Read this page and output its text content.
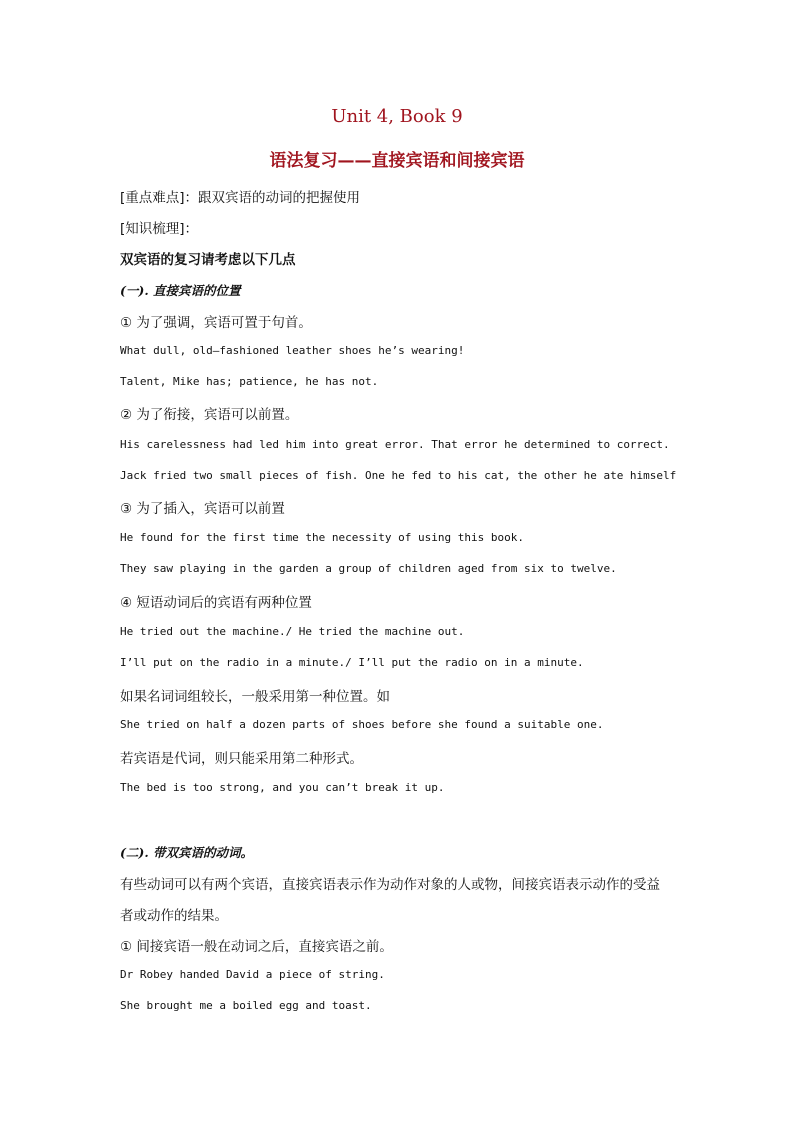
Unit 4, Book 9
语法复习——直接宾语和间接宾语
[重点难点]：跟双宾语的动词的把握使用
[知识梳理]：
双宾语的复习请考虑以下几点
(一). 直接宾语的位置
① 为了强调，宾语可置于句首。
What dull, old—fashioned leather shoes he’s wearing!
Talent, Mike has; patience, he has not.
② 为了衔接，宾语可以前置。
His carelessness had led him into great error. That error he determined to correct.
Jack fried two small pieces of fish. One he fed to his cat, the other he ate himself
③ 为了插入，宾语可以前置
He found for the first time the necessity of using this book.
They saw playing in the garden a group of children aged from six to twelve.
④ 短语动词后的宾语有两种位置
He tried out the machine./ He tried the machine out.
I’ll put on the radio in a minute./ I’ll put the radio on in a minute.
如果名词词组较长，一般采用第一种位置。如
She tried on half a dozen parts of shoes before she found a suitable one.
若宾语是代词，则只能采用第二种形式。
The bed is too strong, and you can’t break it up.
(二). 带双宾语的动词。
有些动词可以有两个宾语，直接宾语表示作为动作对象的人或物，间接宾语表示动作的受益
者或动作的结果。
① 间接宾语一般在动词之后，直接宾语之前。
Dr Robey handed David a piece of string.
She brought me a boiled egg and toast.
